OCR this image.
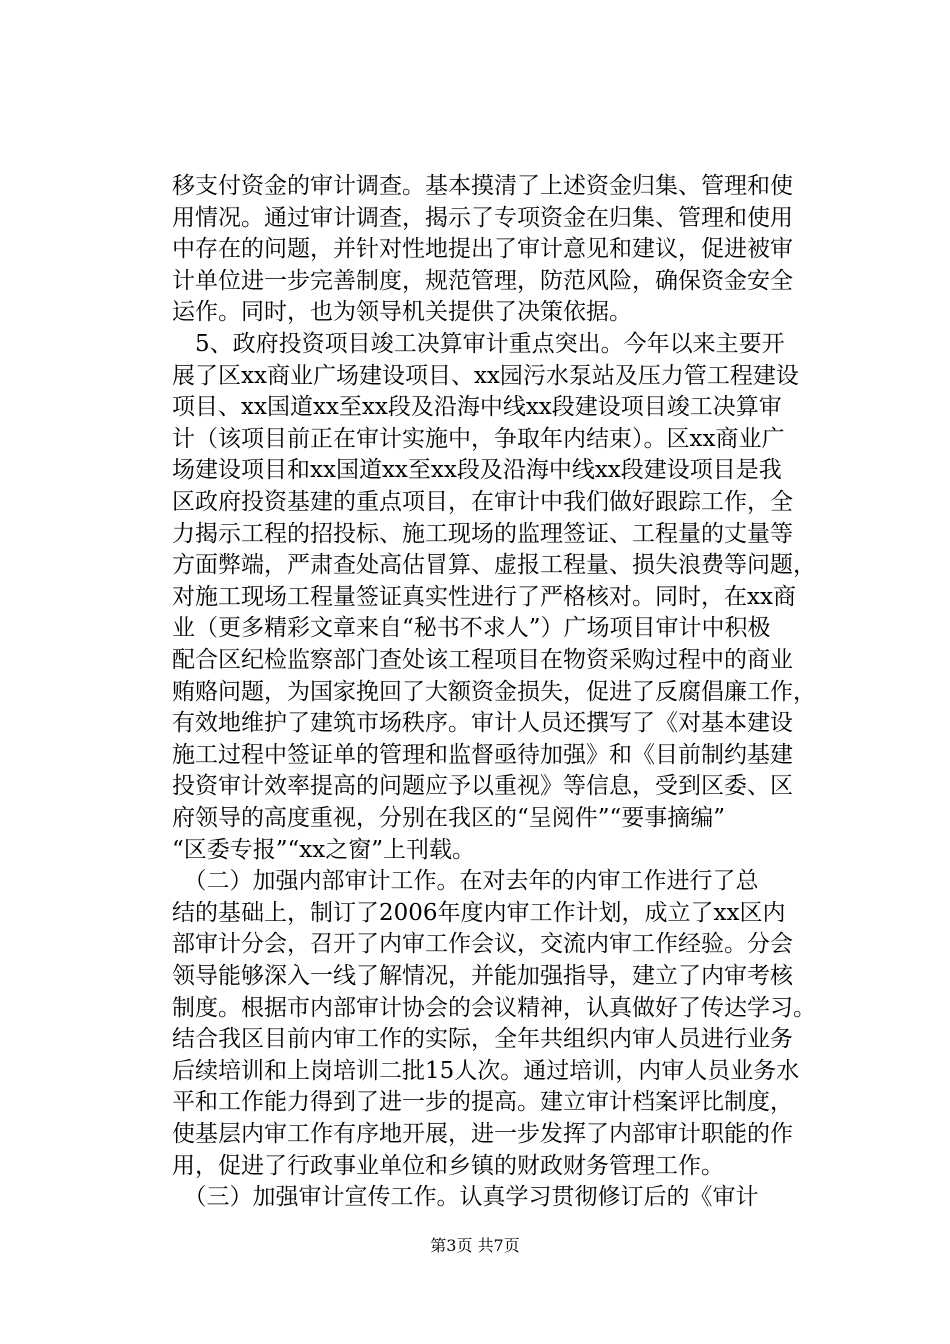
移支付资金的审计调查。基本摸清了上述资金归集、管理和使
用情况。通过审计调查，揭示了专项资金在归集、管理和使用
中存在的问题，并针对性地提出了审计意见和建议，促进被审
计单位进一步完善制度，规范管理，防范风险，确保资金安全
运作。同时，也为领导机关提供了决策依据。
　5、政府投资项目竣工决算审计重点突出。今年以来主要开
展了区xx商业广场建设项目、xx园污水泵站及压力管工程建设
项目、xx国道xx至xx段及沿海中线xx段建设项目竣工决算审
计（该项目前正在审计实施中，争取年内结束）。区xx商业广
场建设项目和xx国道xx至xx段及沿海中线xx段建设项目是我
区政府投资基建的重点项目，在审计中我们做好跟踪工作，全
力揭示工程的招投标、施工现场的监理签证、工程量的丈量等
方面弊端，严肃查处高估冒算、虚报工程量、损失浪费等问题，
对施工现场工程量签证真实性进行了严格核对。同时，在xx商
业（更多精彩文章来自“秘书不求人”）广场项目审计中积极
配合区纪检监察部门查处该工程项目在物资采购过程中的商业
贿赂问题，为国家挽回了大额资金损失，促进了反腐倡廉工作，
有效地维护了建筑市场秩序。审计人员还撰写了《对基本建设
施工过程中签证单的管理和监督亟待加强》和《目前制约基建
投资审计效率提高的问题应予以重视》等信息，受到区委、区
府领导的高度重视，分别在我区的“呈阅件”“要事摘编”
“区委专报”“xx之窗”上刊载。
　（二）加强内部审计工作。在对去年的内审工作进行了总
结的基础上，制订了2006年度内审工作计划，成立了xx区内
部审计分会，召开了内审工作会议，交流内审工作经验。分会
领导能够深入一线了解情况，并能加强指导，建立了内审考核
制度。根据市内部审计协会的会议精神，认真做好了传达学习。
结合我区目前内审工作的实际，全年共组织内审人员进行业务
后续培训和上岗培训二批15人次。通过培训，内审人员业务水
平和工作能力得到了进一步的提高。建立审计档案评比制度，
使基层内审工作有序地开展，进一步发挥了内部审计职能的作
用，促进了行政事业单位和乡镇的财政财务管理工作。
　（三）加强审计宣传工作。认真学习贯彻修订后的《审计
第3页 共7页
